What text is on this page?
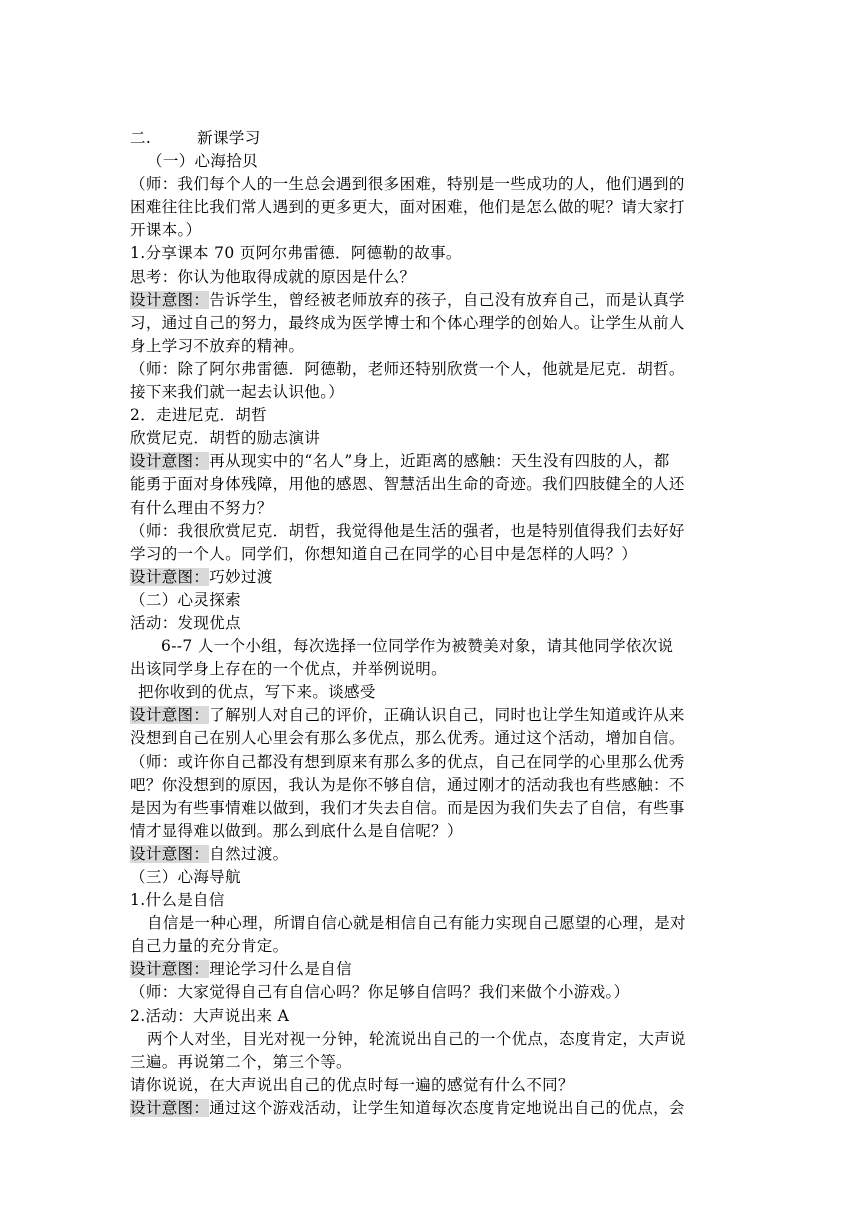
二.	新课学习
（一）心海拾贝
（师：我们每个人的一生总会遇到很多困难，特别是一些成功的人，他们遇到的
困难往往比我们常人遇到的更多更大，面对困难，他们是怎么做的呢？请大家打
开课本。）
1.分享课本 70 页阿尔弗雷德．阿德勒的故事。
思考：你认为他取得成就的原因是什么？
设计意图：告诉学生，曾经被老师放弃的孩子，自己没有放弃自己，而是认真学
习，通过自己的努力，最终成为医学博士和个体心理学的创始人。让学生从前人
身上学习不放弃的精神。
（师：除了阿尔弗雷德．阿德勒，老师还特别欣赏一个人，他就是尼克．胡哲。
接下来我们就一起去认识他。）
2．走进尼克．胡哲
欣赏尼克．胡哲的励志演讲
设计意图：再从现实中的“名人”身上，近距离的感触：天生没有四肢的人，都
能勇于面对身体残障，用他的感恩、智慧活出生命的奇迹。我们四肢健全的人还
有什么理由不努力？
（师：我很欣赏尼克．胡哲，我觉得他是生活的强者，也是特别值得我们去好好
学习的一个人。同学们，你想知道自己在同学的心目中是怎样的人吗？）
设计意图：巧妙过渡
（二）心灵探索
活动：发现优点
6--7 人一个小组，每次选择一位同学作为被赞美对象，请其他同学依次说
出该同学身上存在的一个优点，并举例说明。
把你收到的优点，写下来。谈感受
设计意图：了解别人对自己的评价，正确认识自己，同时也让学生知道或许从来
没想到自己在别人心里会有那么多优点，那么优秀。通过这个活动，增加自信。
（师：或许你自己都没有想到原来有那么多的优点，自己在同学的心里那么优秀
吧？你没想到的原因，我认为是你不够自信，通过刚才的活动我也有些感触：不
是因为有些事情难以做到，我们才失去自信。而是因为我们失去了自信，有些事
情才显得难以做到。那么到底什么是自信呢？）
设计意图：自然过渡。
（三）心海导航
1.什么是自信
自信是一种心理，所谓自信心就是相信自己有能力实现自己愿望的心理，是对
自己力量的充分肯定。
设计意图：理论学习什么是自信
（师：大家觉得自己有自信心吗？你足够自信吗？我们来做个小游戏。）
2.活动：大声说出来 A
两个人对坐，目光对视一分钟，轮流说出自己的一个优点，态度肯定，大声说
三遍。再说第二个，第三个等。
请你说说，在大声说出自己的优点时每一遍的感觉有什么不同？
设计意图：通过这个游戏活动，让学生知道每次态度肯定地说出自己的优点，会
